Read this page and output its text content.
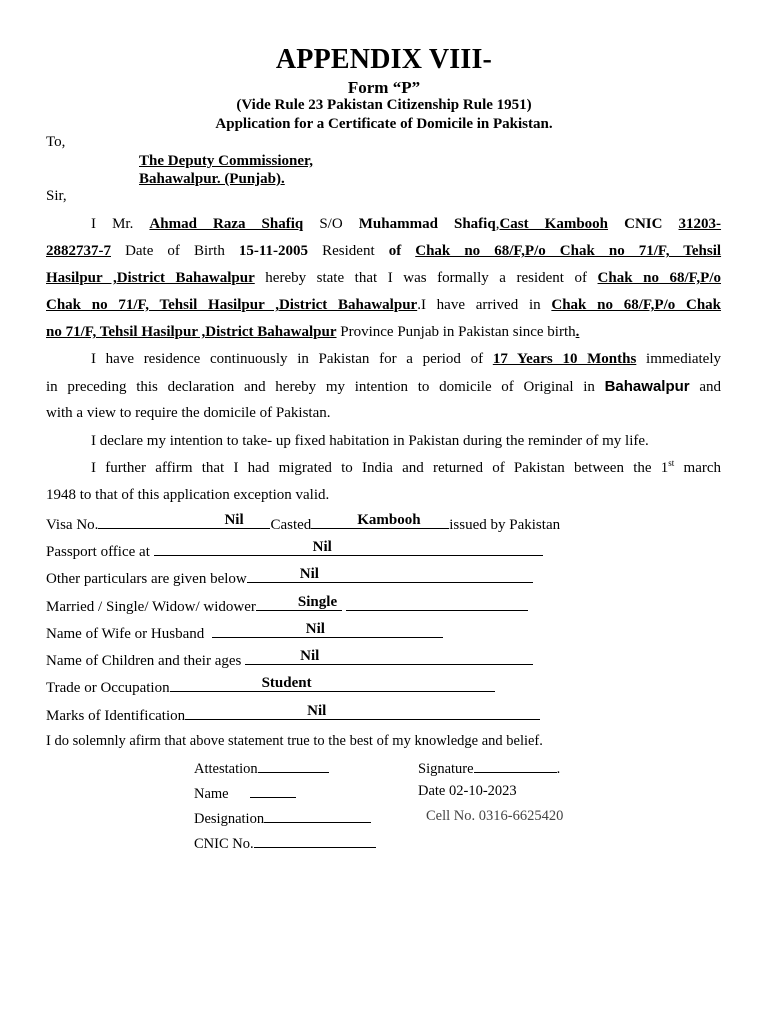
APPENDIX VIII-
Form “P”
(Vide Rule 23 Pakistan Citizenship Rule 1951)
Application for a Certificate of Domicile in Pakistan.
To,
The Deputy Commissioner,
Bahawalpur. (Punjab).
Sir,
I Mr. Ahmad Raza Shafiq S/O Muhammad Shafiq,Cast Kambooh CNIC 31203-
2882737-7 Date of Birth 15-11-2005 Resident of Chak no 68/F,P/o Chak no 71/F, Tehsil
Hasilpur ,District Bahawalpur hereby state that I was formally a resident of Chak no 68/F,P/o
Chak no 71/F, Tehsil Hasilpur ,District Bahawalpur.I have arrived in Chak no 68/F,P/o Chak
no 71/F, Tehsil Hasilpur ,District Bahawalpur Province Punjab in Pakistan since birth.
I have residence continuously in Pakistan for a period of 17 Years 10 Months immediately
in preceding this declaration and hereby my intention to domicile of Original in Bahawalpur and
with a view to require the domicile of Pakistan.
I declare my intention to take- up fixed habitation in Pakistan during the reminder of my life.
I further affirm that I had migrated to India and returned of Pakistan between the 1st march
1948 to that of this application exception valid.
Visa No.	Nil Casted	Kambooh issued by Pakistan
Passport office at	Nil
Other particulars are given below	Nil
Married / Single/ Widow/ widower	Single

Name of Wife or Husband	Nil
Name of Children and their ages	Nil
Trade or Occupation	Student
Marks of Identification	Nil
I do solemnly afirm that above statement true to the best of my knowledge and belief.
Attestation	Signature	.
Name	Date 02-10-2023
Designation	Cell No. 0316-6625420
CNIC No.
